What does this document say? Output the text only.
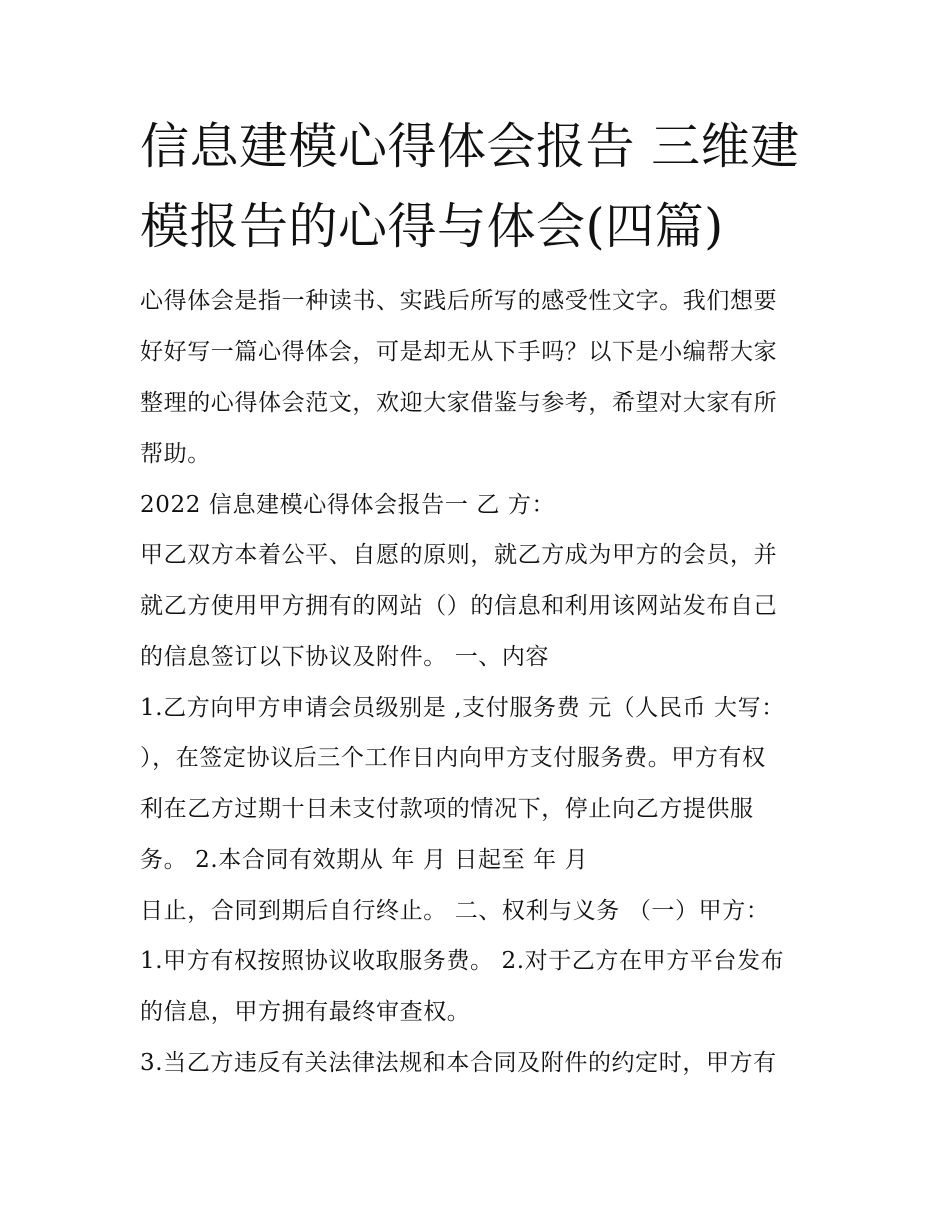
信息建模心得体会报告 三维建
模报告的心得与体会(四篇)

心得体会是指一种读书、实践后所写的感受性文字。我们想要

好好写一篇心得体会，可是却无从下手吗？以下是小编帮大家

整理的心得体会范文，欢迎大家借鉴与参考，希望对大家有所

帮助。

2022 信息建模心得体会报告一 乙 方：

甲乙双方本着公平、自愿的原则，就乙方成为甲方的会员，并

就乙方使用甲方拥有的网站（）的信息和利用该网站发布自己

的信息签订以下协议及附件。 一、内容

1.乙方向甲方申请会员级别是 ,支付服务费 元（人民币 大写：

），在签定协议后三个工作日内向甲方支付服务费。甲方有权

利在乙方过期十日未支付款项的情况下，停止向乙方提供服

务。 2.本合同有效期从 年 月 日起至 年 月

日止，合同到期后自行终止。 二、权利与义务 （一）甲方：

1.甲方有权按照协议收取服务费。 2.对于乙方在甲方平台发布

的信息，甲方拥有最终审查权。

3.当乙方违反有关法律法规和本合同及附件的约定时，甲方有
